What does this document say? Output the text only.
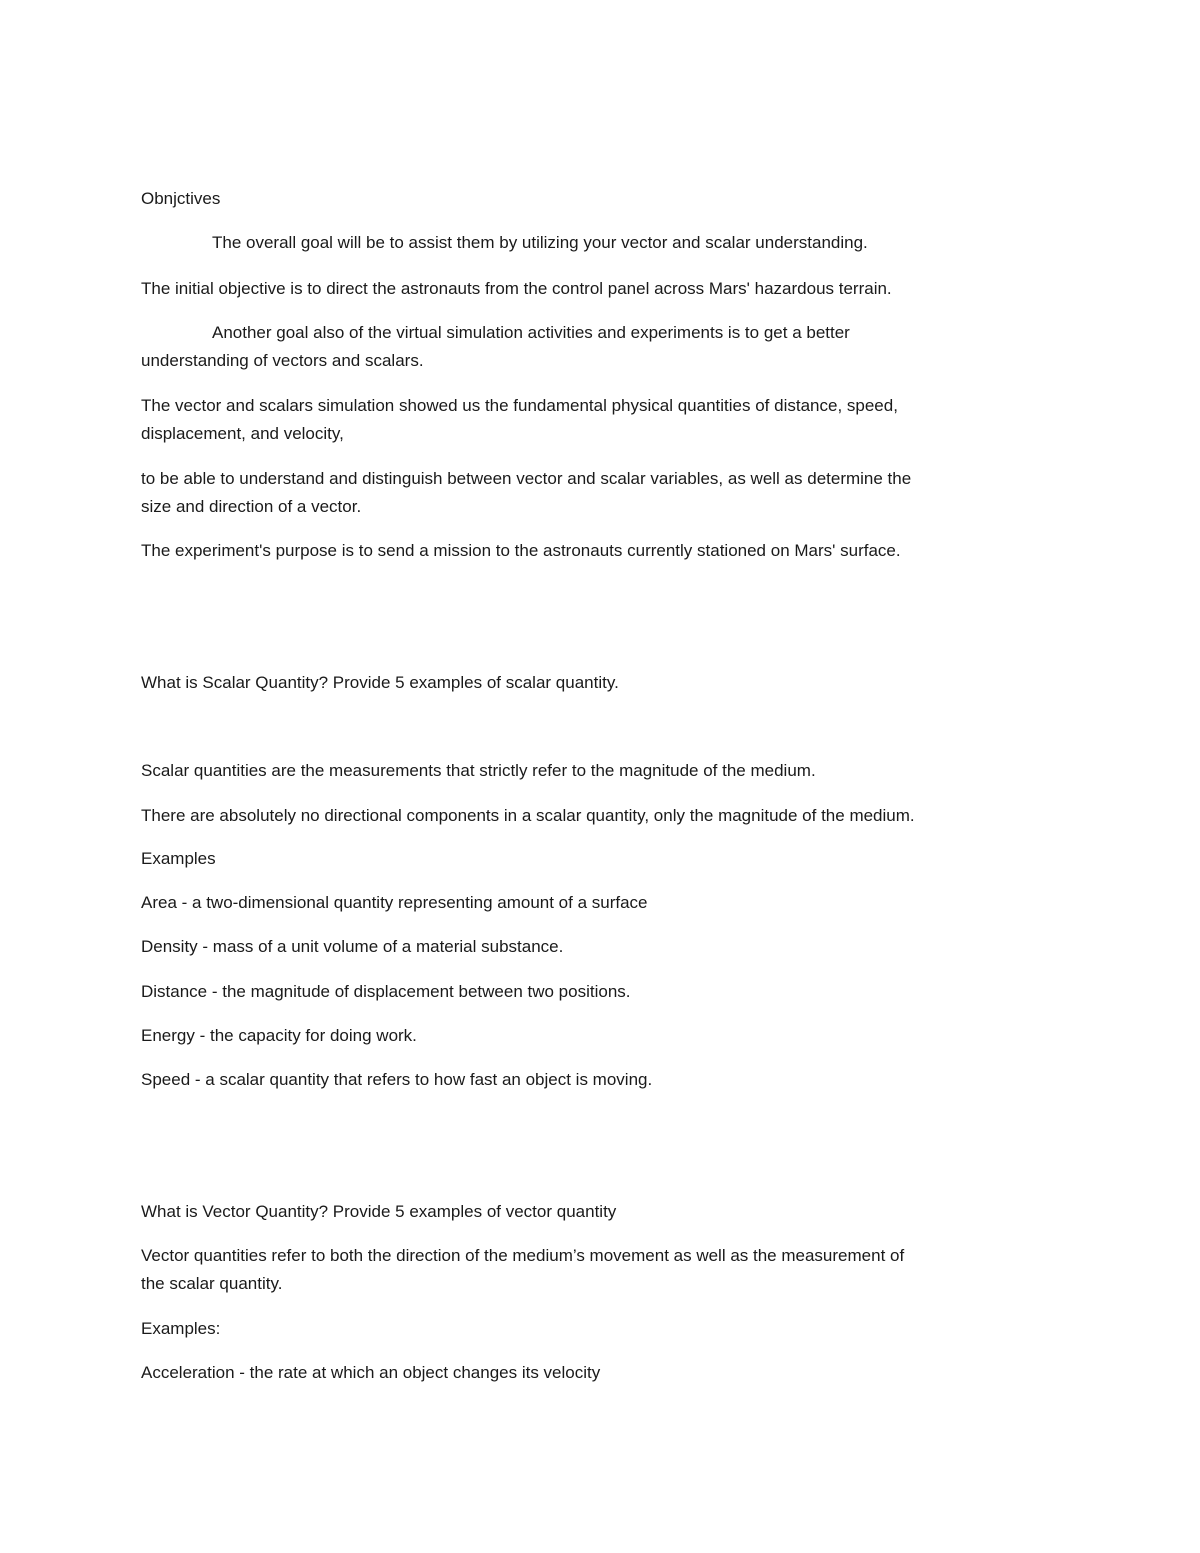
Obnjctives
The overall goal will be to assist them by utilizing your vector and scalar understanding.
The initial objective is to direct the astronauts from the control panel across Mars' hazardous terrain.
Another goal also of the virtual simulation activities and experiments is to get a better
understanding of vectors and scalars.
The vector and scalars simulation showed us the fundamental physical quantities of distance, speed,
displacement, and velocity,
to be able to understand and distinguish between vector and scalar variables, as well as determine the
size and direction of a vector.
The experiment's purpose is to send a mission to the astronauts currently stationed on Mars' surface.
What is Scalar Quantity? Provide 5 examples of scalar quantity.
Scalar quantities are the measurements that strictly refer to the magnitude of the medium.
There are absolutely no directional components in a scalar quantity, only the magnitude of the medium.
Examples
Area - a two-dimensional quantity representing amount of a surface
Density - mass of a unit volume of a material substance.
Distance - the magnitude of displacement between two positions.
Energy - the capacity for doing work.
Speed - a scalar quantity that refers to how fast an object is moving.
What is Vector Quantity? Provide 5 examples of vector quantity
Vector quantities refer to both the direction of the medium’s movement as well as the measurement of
the scalar quantity.
Examples:
Acceleration - the rate at which an object changes its velocity
